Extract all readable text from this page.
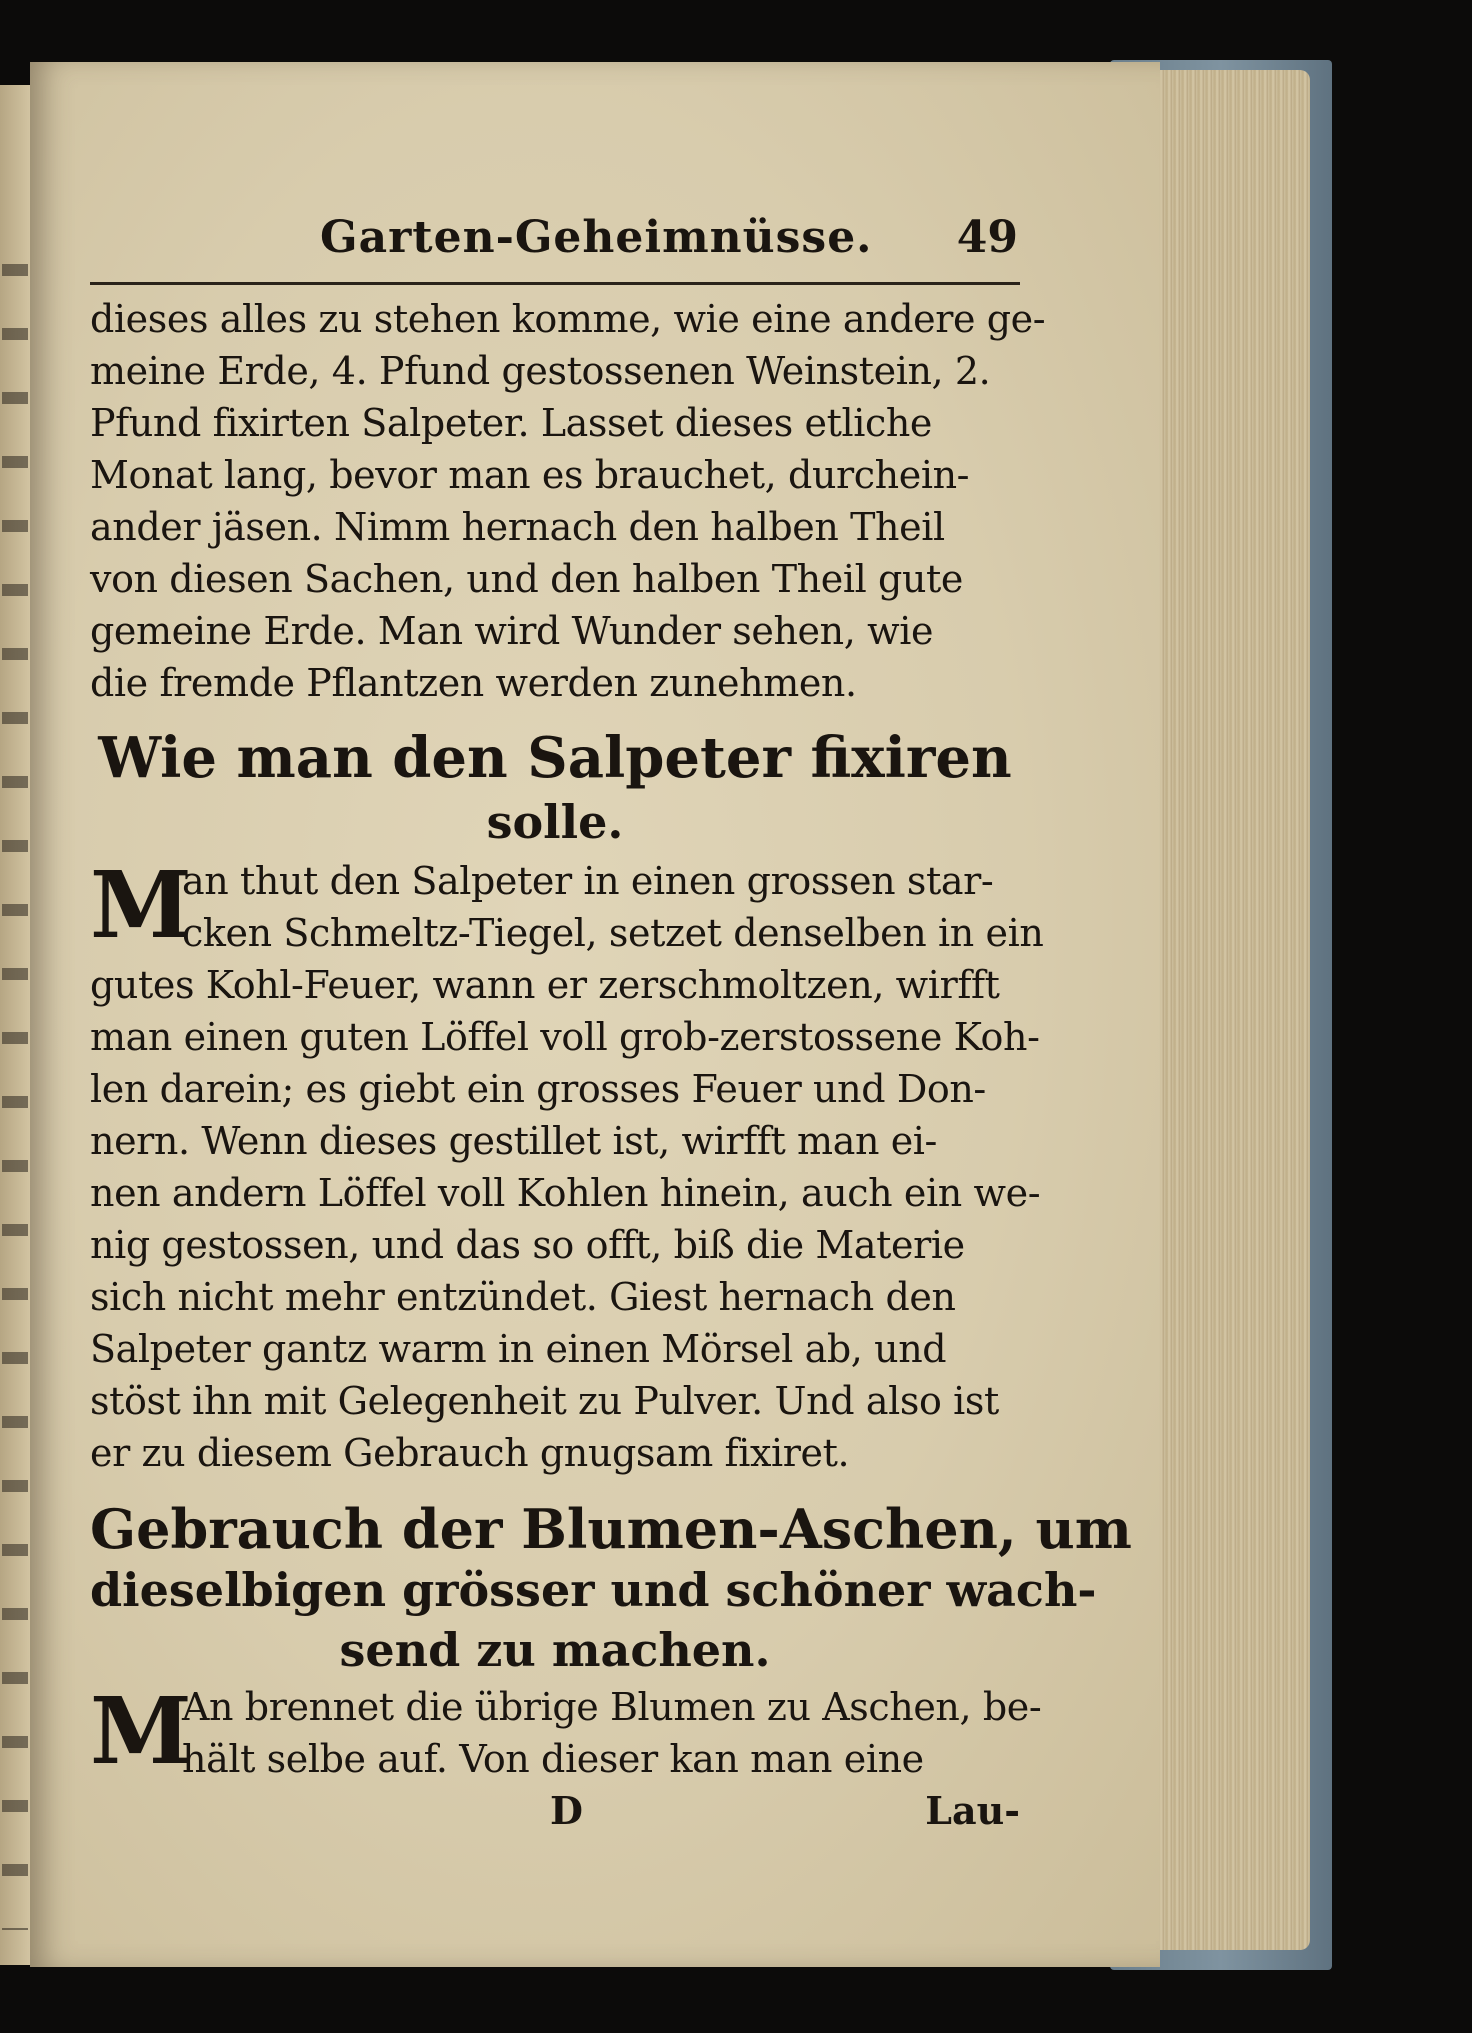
Garten-Geheimnüsse. 49
dieses alles zu stehen komme, wie eine andere ge-
meine Erde, 4. Pfund gestossenen Weinstein, 2.
Pfund fixirten Salpeter. Lasset dieses etliche
Monat lang, bevor man es brauchet, durchein-
ander jäsen. Nimm hernach den halben Theil
von diesen Sachen, und den halben Theil gute
gemeine Erde. Man wird Wunder sehen, wie
die fremde Pflantzen werden zunehmen.
Wie man den Salpeter fixiren
solle.
M
an thut den Salpeter in einen grossen star-
cken Schmeltz-Tiegel, setzet denselben in ein
gutes Kohl-Feuer, wann er zerschmoltzen, wirfft
man einen guten Löffel voll grob-zerstossene Koh-
len darein; es giebt ein grosses Feuer und Don-
nern. Wenn dieses gestillet ist, wirfft man ei-
nen andern Löffel voll Kohlen hinein, auch ein we-
nig gestossen, und das so offt, biß die Materie
sich nicht mehr entzündet. Giest hernach den
Salpeter gantz warm in einen Mörsel ab, und
stöst ihn mit Gelegenheit zu Pulver. Und also ist
er zu diesem Gebrauch gnugsam fixiret.
Gebrauch der Blumen-Aschen, um
dieselbigen grösser und schöner wach-
send zu machen.
M
An brennet die übrige Blumen zu Aschen, be-
hält selbe auf. Von dieser kan man eine
D	Lau-
